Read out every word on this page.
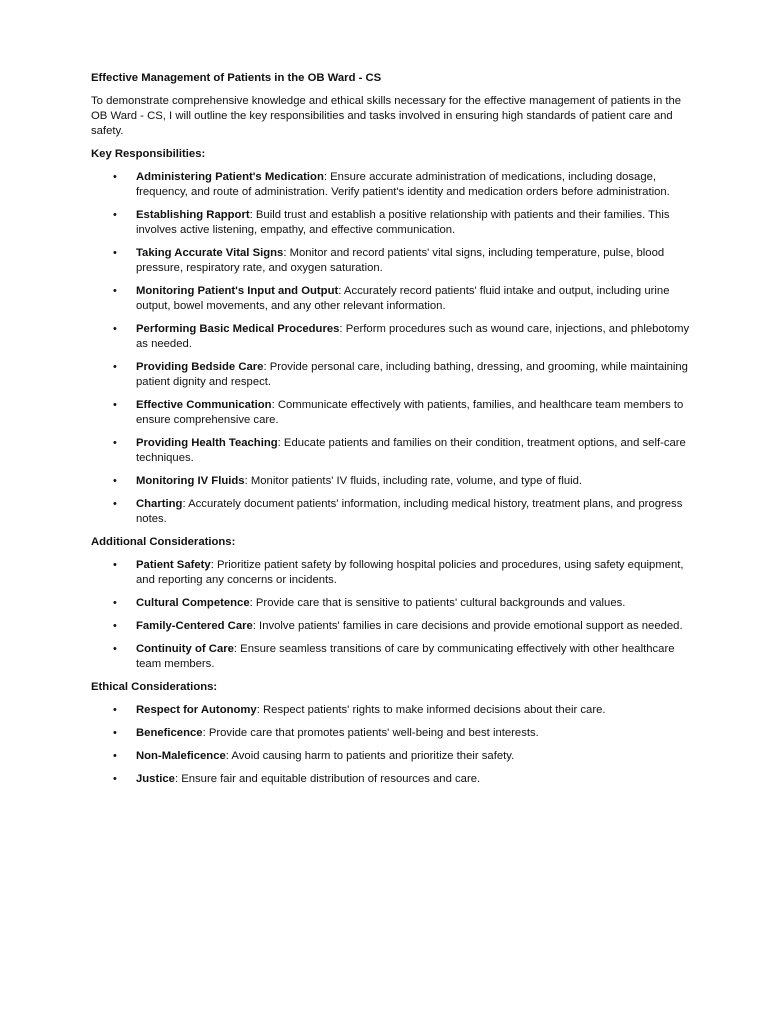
Effective Management of Patients in the OB Ward - CS
To demonstrate comprehensive knowledge and ethical skills necessary for the effective management of patients in the OB Ward - CS, I will outline the key responsibilities and tasks involved in ensuring high standards of patient care and safety.
Key Responsibilities:
• Administering Patient's Medication: Ensure accurate administration of medications, including dosage, frequency, and route of administration. Verify patient's identity and medication orders before administration.
• Establishing Rapport: Build trust and establish a positive relationship with patients and their families. This involves active listening, empathy, and effective communication.
• Taking Accurate Vital Signs: Monitor and record patients' vital signs, including temperature, pulse, blood pressure, respiratory rate, and oxygen saturation.
• Monitoring Patient's Input and Output: Accurately record patients' fluid intake and output, including urine output, bowel movements, and any other relevant information.
• Performing Basic Medical Procedures: Perform procedures such as wound care, injections, and phlebotomy as needed.
• Providing Bedside Care: Provide personal care, including bathing, dressing, and grooming, while maintaining patient dignity and respect.
• Effective Communication: Communicate effectively with patients, families, and healthcare team members to ensure comprehensive care.
• Providing Health Teaching: Educate patients and families on their condition, treatment options, and self-care techniques.
• Monitoring IV Fluids: Monitor patients' IV fluids, including rate, volume, and type of fluid.
• Charting: Accurately document patients' information, including medical history, treatment plans, and progress notes.
Additional Considerations:
• Patient Safety: Prioritize patient safety by following hospital policies and procedures, using safety equipment, and reporting any concerns or incidents.
• Cultural Competence: Provide care that is sensitive to patients' cultural backgrounds and values.
• Family-Centered Care: Involve patients' families in care decisions and provide emotional support as needed.
• Continuity of Care: Ensure seamless transitions of care by communicating effectively with other healthcare team members.
Ethical Considerations:
• Respect for Autonomy: Respect patients' rights to make informed decisions about their care.
• Beneficence: Provide care that promotes patients' well-being and best interests.
• Non-Maleficence: Avoid causing harm to patients and prioritize their safety.
• Justice: Ensure fair and equitable distribution of resources and care.
